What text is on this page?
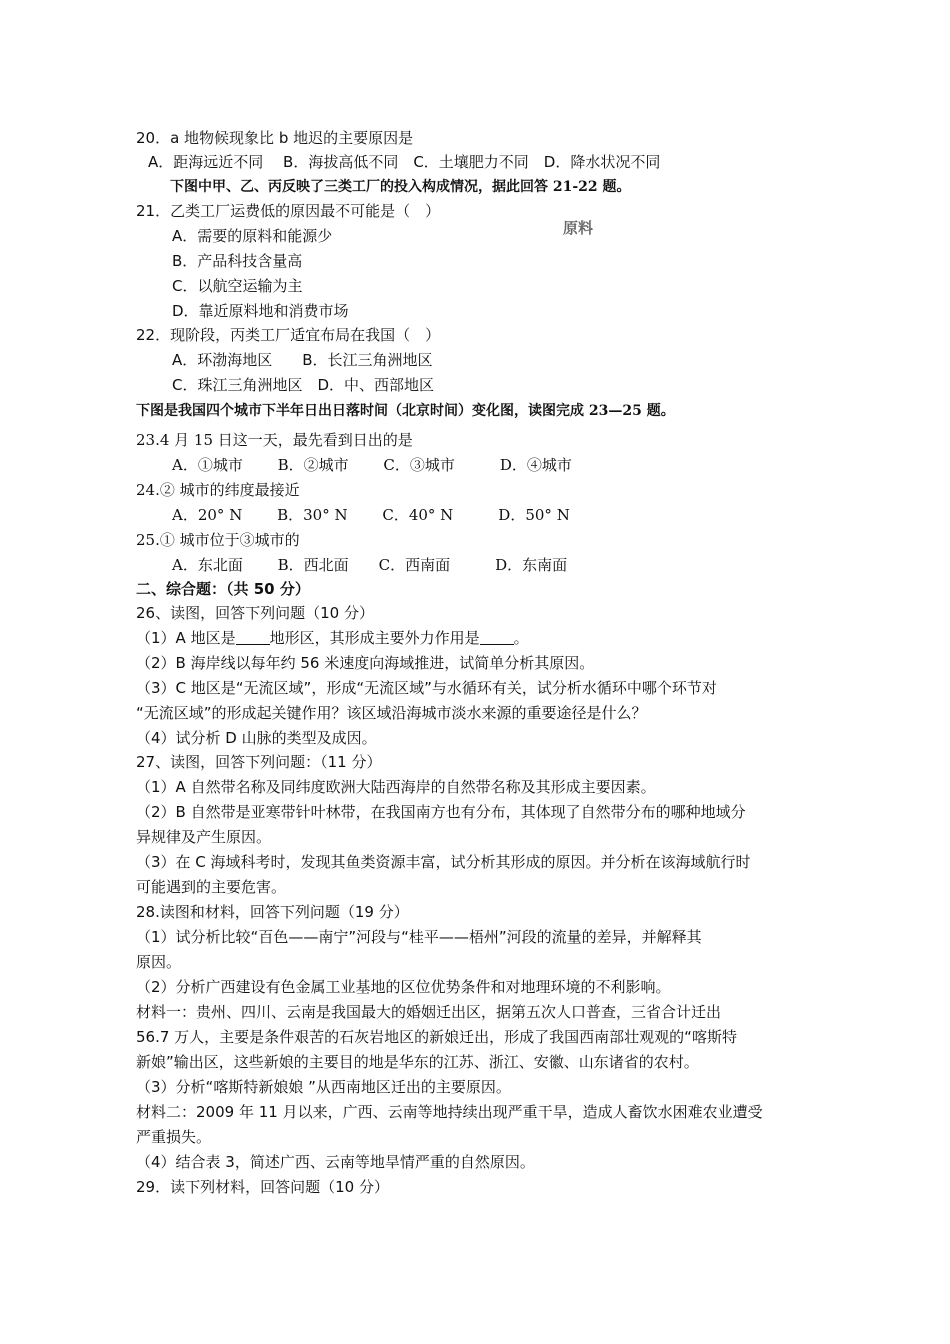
20．a 地物候现象比 b 地迟的主要原因是
A．距海远近不同　 B．海拔高低不同　C．土壤肥力不同　D．降水状况不同
下图中甲、乙、丙反映了三类工厂的投入构成情况，据此回答 21-22 题。
21．乙类工厂运费低的原因最不可能是（　）
原料
A．需要的原料和能源少
B．产品科技含量高
C．以航空运输为主
D．靠近原料地和消费市场
22．现阶段，丙类工厂适宜布局在我国（　）
A．环渤海地区　　B．长江三角洲地区
C．珠江三角洲地区　D．中、西部地区
下图是我国四个城市下半年日出日落时间（北京时间）变化图，读图完成 23—25 题。
23.4 月 15 日这一天，最先看到日出的是
A．①城市　　 B．②城市　　 C．③城市　　　D．④城市
24.② 城市的纬度最接近
A．20° N　　 B．30° N　　 C．40° N　　　D．50° N
25.① 城市位于③城市的
A．东北面　　 B．西北面　　C．西南面　　　D．东南面
二、综合题：（共 50 分）
26、读图，回答下列问题（10 分）
（1）A 地区是 地形区，其形成主要外力作用是 。
（2）B 海岸线以每年约 56 米速度向海域推进，试简单分析其原因。
（3）C 地区是“无流区域”，形成“无流区域”与水循环有关，试分析水循环中哪个环节对
“无流区域”的形成起关键作用？该区域沿海城市淡水来源的重要途径是什么？
（4）试分析 D 山脉的类型及成因。
27、读图，回答下列问题：（11 分）
（1）A 自然带名称及同纬度欧洲大陆西海岸的自然带名称及其形成主要因素。
（2）B 自然带是亚寒带针叶林带，在我国南方也有分布，其体现了自然带分布的哪种地域分
异规律及产生原因。
（3）在 C 海域科考时，发现其鱼类资源丰富，试分析其形成的原因。并分析在该海域航行时
可能遇到的主要危害。
28.读图和材料，回答下列问题（19 分）
（1）试分析比较“百色——南宁”河段与“桂平——梧州”河段的流量的差异，并解释其
原因。
（2）分析广西建设有色金属工业基地的区位优势条件和对地理环境的不利影响。
材料一：贵州、四川、云南是我国最大的婚姻迁出区，据第五次人口普查，三省合计迁出
56.7 万人，主要是条件艰苦的石灰岩地区的新娘迁出，形成了我国西南部壮观观的“喀斯特
新娘”输出区，这些新娘的主要目的地是华东的江苏、浙江、安徽、山东诸省的农村。
（3）分析“喀斯特新娘娘 ”从西南地区迁出的主要原因。
材料二：2009 年 11 月以来，广西、云南等地持续出现严重干旱，造成人畜饮水困难农业遭受
严重损失。
（4）结合表 3，简述广西、云南等地旱情严重的自然原因。
29．读下列材料，回答问题（10 分）
